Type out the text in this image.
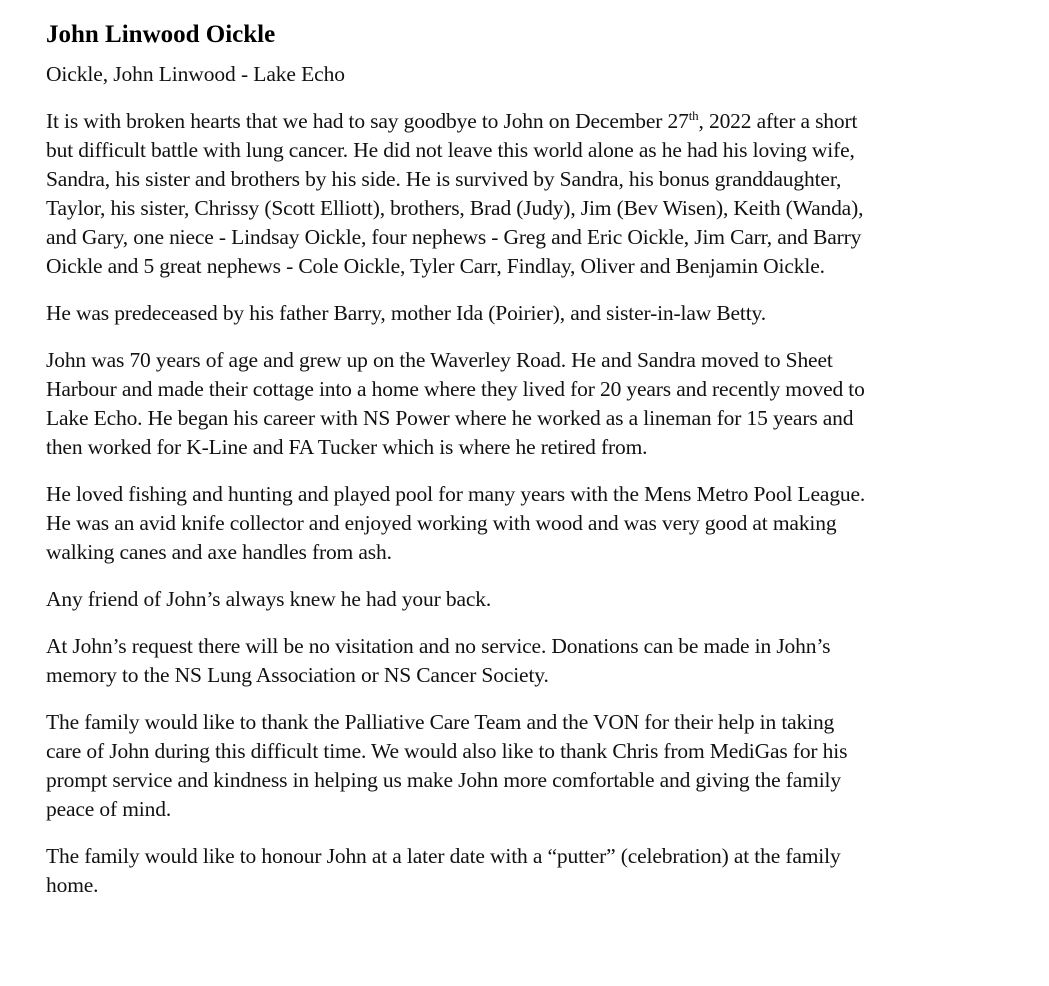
John Linwood Oickle

Oickle, John Linwood - Lake Echo

It is with broken hearts that we had to say goodbye to John on December 27th, 2022 after a short
but difficult battle with lung cancer. He did not leave this world alone as he had his loving wife,
Sandra, his sister and brothers by his side. He is survived by Sandra, his bonus granddaughter,
Taylor, his sister, Chrissy (Scott Elliott), brothers, Brad (Judy), Jim (Bev Wisen), Keith (Wanda),
and Gary, one niece - Lindsay Oickle, four nephews - Greg and Eric Oickle, Jim Carr, and Barry
Oickle and 5 great nephews - Cole Oickle, Tyler Carr, Findlay, Oliver and Benjamin Oickle.

He was predeceased by his father Barry, mother Ida (Poirier), and sister-in-law Betty.

John was 70 years of age and grew up on the Waverley Road. He and Sandra moved to Sheet
Harbour and made their cottage into a home where they lived for 20 years and recently moved to
Lake Echo. He began his career with NS Power where he worked as a lineman for 15 years and
then worked for K-Line and FA Tucker which is where he retired from.

He loved fishing and hunting and played pool for many years with the Mens Metro Pool League.
He was an avid knife collector and enjoyed working with wood and was very good at making
walking canes and axe handles from ash.

Any friend of John’s always knew he had your back.

At John’s request there will be no visitation and no service. Donations can be made in John’s
memory to the NS Lung Association or NS Cancer Society.

The family would like to thank the Palliative Care Team and the VON for their help in taking
care of John during this difficult time. We would also like to thank Chris from MediGas for his
prompt service and kindness in helping us make John more comfortable and giving the family
peace of mind.

The family would like to honour John at a later date with a “putter” (celebration) at the family
home.
